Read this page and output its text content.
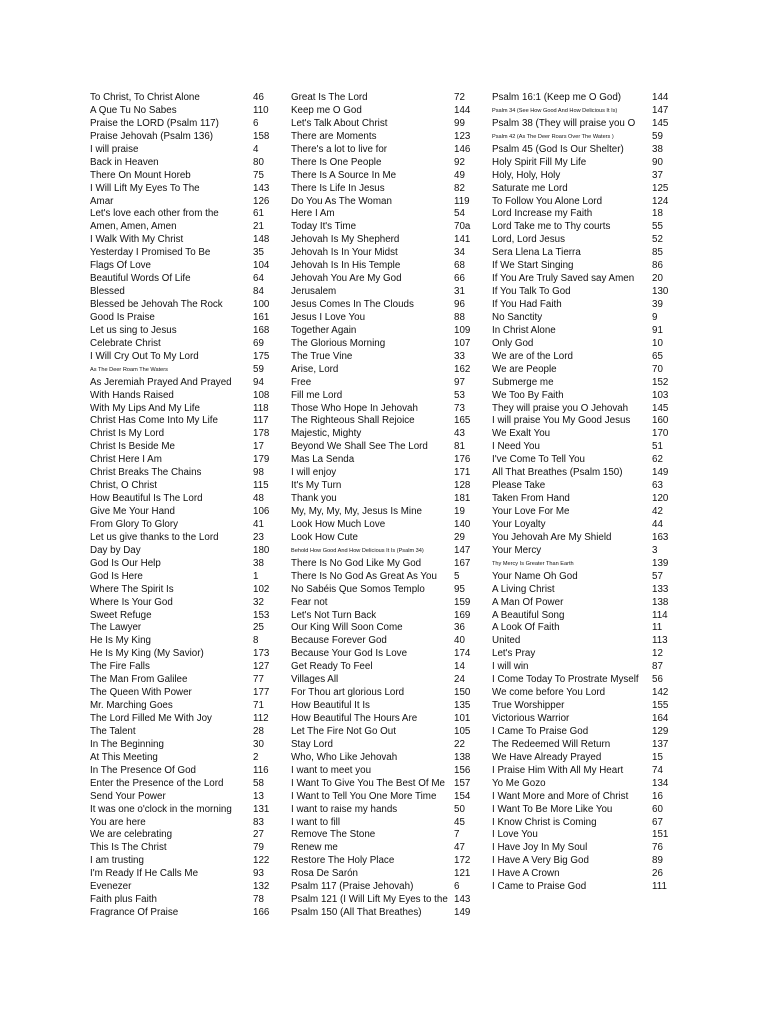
To Christ, To Christ Alone	46
A Que Tu No Sabes	110
Praise the LORD (Psalm 117)	6
Praise Jehovah (Psalm 136)	158
I will praise	4
Back in Heaven	80
There On Mount Horeb	75
I Will Lift My Eyes To The	143
Amar	126
Let's love each other from the	61
Amen, Amen, Amen	21
I Walk With My Christ	148
Yesterday I Promised To Be	35
Flags Of Love	104
Beautiful Words Of Life	64
Blessed	84
Blessed be Jehovah The Rock	100
Good Is Praise	161
Let us sing to Jesus	168
Celebrate Christ	69
I Will Cry Out To My Lord	175
As The Deer Roam The Waters	59
As Jeremiah Prayed And Prayed 94
With Hands Raised	108
With My Lips And My Life	118
Christ Has Come Into My Life	117
Christ Is My Lord	178
Christ Is Beside Me	17
Christ Here I Am	179
Christ Breaks The Chains	98
Christ, O Christ	115
How Beautiful Is The Lord	48
Give Me Your Hand	106
From Glory To Glory	41
Let us give thanks to the Lord	23
Day by Day	180
God Is Our Help	38
God Is Here	1
Where The Spirit Is	102
Where Is Your God	32
Sweet Refuge	153
The Lawyer	25
He Is My King	8
He Is My King (My Savior)	173
The Fire Falls	127
The Man From Galilee	77
The Queen With Power	177
Mr. Marching Goes	71
The Lord Filled Me With Joy	112
The Talent	28
In The Beginning	30
At This Meeting	2
In The Presence Of God	116
Enter the Presence of the Lord	58
Send Your Power	13
It was one o'clock in the morning 131
You are here	83
We are celebrating	27
This Is The Christ	79
I am trusting	122
I'm Ready If He Calls Me	93
Evenezer	132
Faith plus Faith	78
Fragrance Of Praise	166
Great Is The Lord	72
Keep me O God	144
Let's Talk About Christ	99
There are Moments	123
There's a lot to live for	146
There Is One People	92
There Is A Source In Me	49
There Is Life In Jesus	82
Do You As The Woman	119
Here I Am	54
Today It's Time	70a
Jehovah Is My Shepherd	141
Jehovah Is In Your Midst	34
Jehovah Is In His Temple	68
Jehovah You Are My God	66
Jerusalem	31
Jesus Comes In The Clouds	96
Jesus I Love You	88
Together Again	109
The Glorious Morning	107
The True Vine	33
Arise, Lord	162
Free	97
Fill me Lord	53
Those Who Hope In Jehovah	73
The Righteous Shall Rejoice	165
Majestic, Mighty	43
Beyond We Shall See The Lord	81
Mas La Senda	176
I will enjoy	171
It's My Turn	128
Thank you	181
My, My, My, My, Jesus Is Mine	19
Look How Much Love	140
Look How Cute	29
Behold How Good And How Delicious It Is (Psalm 34)	147
There Is No God Like My God	167
There Is No God As Great As You 5
No Sabéis Que Somos Templo	95
Fear not	159
Let's Not Turn Back	169
Our King Will Soon Come	36
Because Forever God	40
Because Your God Is Love	174
Get Ready To Feel	14
Villages All	24
For Thou art glorious Lord	150
How Beautiful It Is	135
How Beautiful The Hours Are	101
Let The Fire Not Go Out	105
Stay Lord	22
Who, Who Like Jehovah	138
I want to meet you	156
I Want To Give You The Best Of Me 157
I Want to Tell You One More Time 154
I want to raise my hands	50
I want to fill	45
Remove The Stone	7
Renew me	47
Restore The Holy Place	172
Rosa De Sarón	121
Psalm 117 (Praise Jehovah)	6
Psalm 121 (I Will Lift My Eyes to the 143
Psalm 150 (All That Breathes)	149
Psalm 16:1 (Keep me O God)	144
Psalm 34 (See How Good And How Delicious It Is)	147
Psalm 38 (They will praise you O 145
Psalm 42 (As The Deer Roars Over The Waters )	59
Psalm 45 (God Is Our Shelter)	38
Holy Spirit Fill My Life	90
Holy, Holy, Holy	37
Saturate me Lord	125
To Follow You Alone Lord	124
Lord Increase my Faith	18
Lord Take me to Thy courts	55
Lord, Lord Jesus	52
Sera Llena La Tierra	85
If We Start Singing	86
If You Are Truly Saved say Amen 20
If You Talk To God	130
If You Had Faith	39
No Sanctity	9
In Christ Alone	91
Only God	10
We are of the Lord	65
We are People	70
Submerge me	152
We Too By Faith	103
They will praise you O Jehovah 145
I will praise You My Good Jesus 160
We Exalt You	170
I Need You	51
I've Come To Tell You	62
All That Breathes (Psalm 150)	149
Please Take	63
Taken From Hand	120
Your Love For Me	42
Your Loyalty	44
You Jehovah Are My Shield	163
Your Mercy	3
Thy Mercy Is Greater Than Earth	139
Your Name Oh God	57
A Living Christ	133
A Man Of Power	138
A Beautiful Song	114
A Look Of Faith	11
United	113
Let's Pray	12
I will win	87
I Come Today To Prostrate Myself 56
We come before You Lord	142
True Worshipper	155
Victorious Warrior	164
I Came To Praise God	129
The Redeemed Will Return	137
We Have Already Prayed	15
I Praise Him With All My Heart	74
Yo Me Gozo	134
I Want More and More of Christ 16
I Want To Be More Like You	60
I Know Christ is Coming	67
I Love You	151
I Have Joy In My Soul	76
I Have A Very Big God	89
I Have A Crown	26
I Came to Praise God	111
